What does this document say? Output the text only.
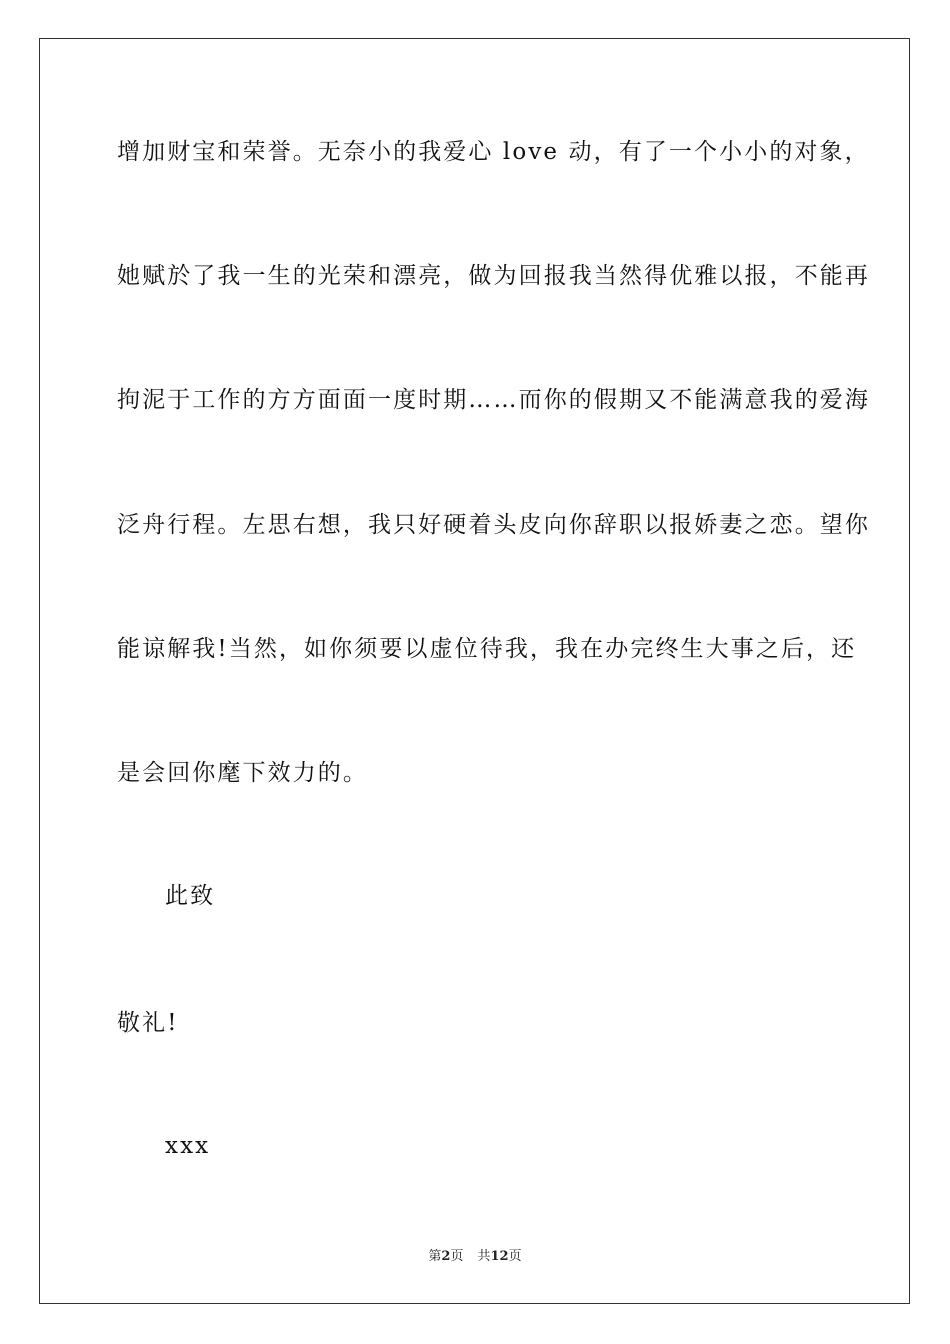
增加财宝和荣誉。无奈小的我爱心 love 动，有了一个小小的对象，
她赋於了我一生的光荣和漂亮，做为回报我当然得优雅以报，不能再
拘泥于工作的方方面面一度时期……而你的假期又不能满意我的爱海
泛舟行程。左思右想，我只好硬着头皮向你辞职以报娇妻之恋。望你
能谅解我!当然，如你须要以虚位待我，我在办完终生大事之后，还
是会回你麾下效力的。
此致
敬礼!
xxx
第2页 共12页
